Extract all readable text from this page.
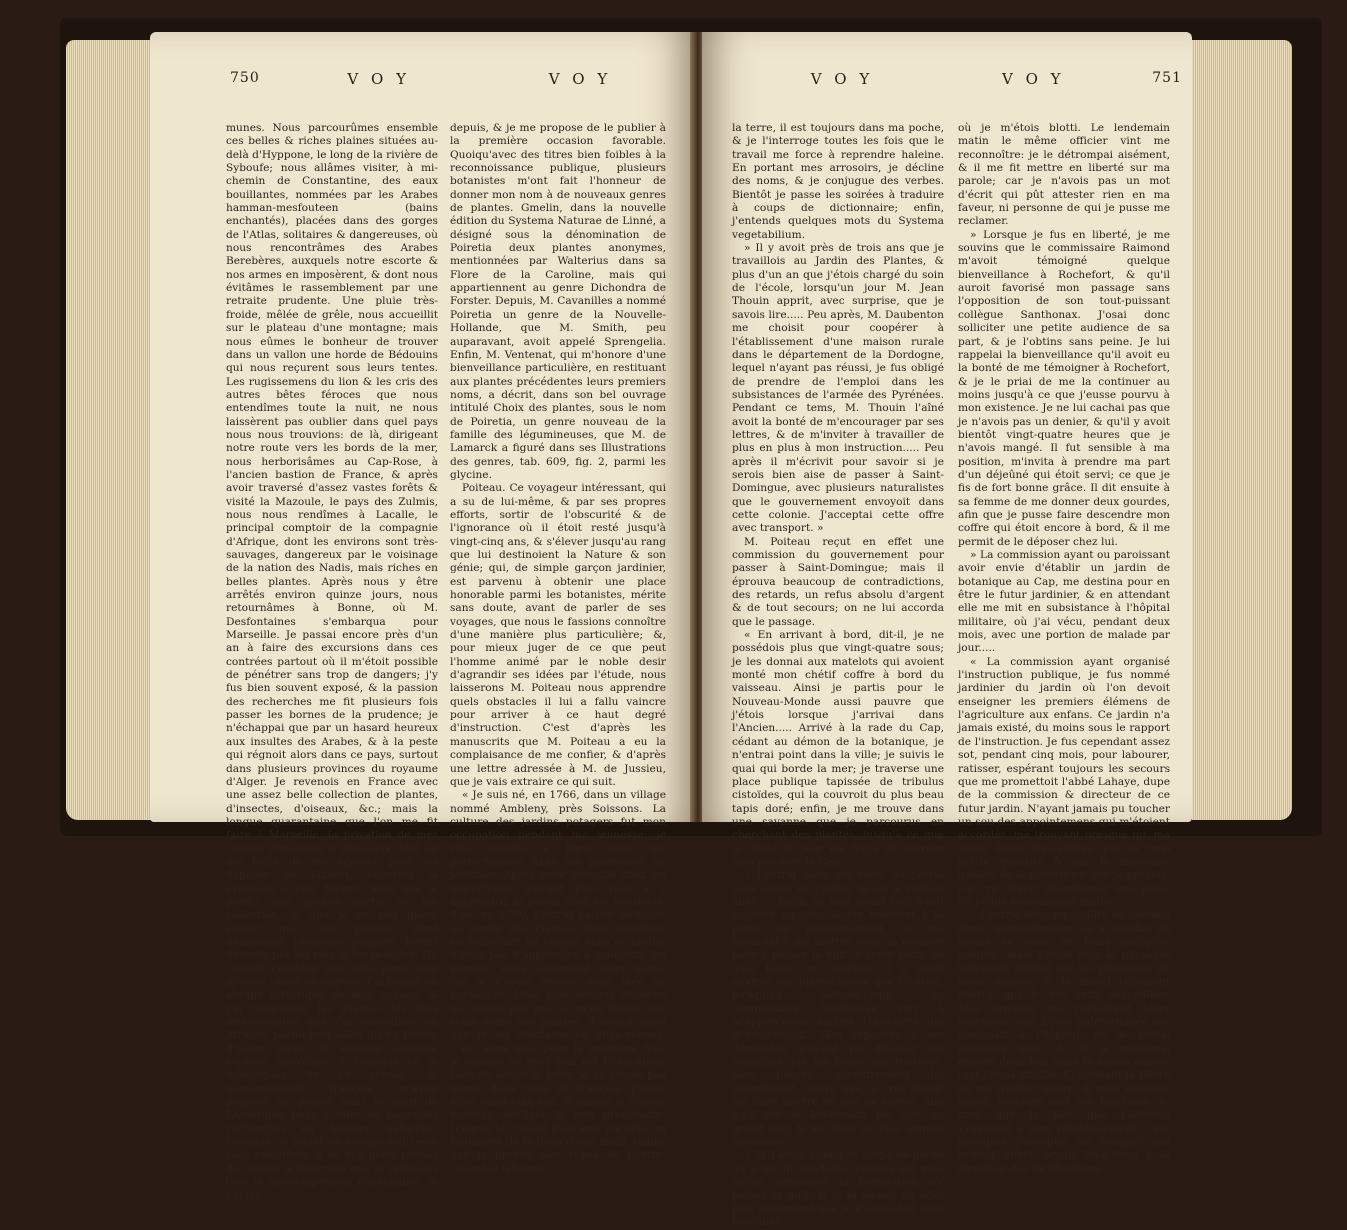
750	V O Y	V O Y

munes. Nous parcourûmes ensemble ces belles & riches plaines situées au-delà d'Hyppone, le long de la rivière de Syboufe; nous allâmes visiter, à mi-chemin de Constantine, des eaux bouillantes, nommées par les Arabes hamman-mesfouteen (bains enchantés), placées dans des gorges de l'Atlas, solitaires & dangereuses, où nous rencontrâmes des Arabes Berebères, auxquels notre escorte & nos armes en imposèrent, & dont nous évitâmes le rassemblement par une retraite prudente. Une pluie très-froide, mêlée de grêle, nous accueillit sur le plateau d'une montagne; mais nous eûmes le bonheur de trouver dans un vallon une horde de Bédouins qui nous reçurent sous leurs tentes. Les rugissemens du lion & les cris des autres bêtes féroces que nous entendîmes toute la nuit, ne nous laissèrent pas oublier dans quel pays nous nous trouvions: de là, dirigeant notre route vers les bords de la mer, nous herborisâmes au Cap-Rose, à l'ancien bastion de France, & après avoir traversé d'assez vastes forêts & visité la Mazoule, le pays des Zulmis, nous nous rendîmes à Lacalle, le principal comptoir de la compagnie d'Afrique, dont les environs sont très-sauvages, dangereux par le voisinage de la nation des Nadis, mais riches en belles plantes. Après nous y être arrêtés environ quinze jours, nous retournâmes à Bonne, où M. Desfontaines s'embarqua pour Marseille. Je passai encore près d'un an à faire des excursions dans ces contrées partout où il m'étoit possible de pénétrer sans trop de dangers; j'y fus bien souvent exposé, & la passion des recherches me fit plusieurs fois passer les bornes de la prudence; je n'échappai que par un hasard heureux aux insultes des Arabes, & à la peste qui régnoit alors dans ce pays, surtout dans plusieurs provinces du royaume d'Alger. Je revenois en France avec une assez belle collection de plantes, d'insectes, d'oiseaux, &c.; mais la longue quarantaine que l'on me fit faire à Marseille, la privation de mes caisses d'insectes & d'oiseaux dont on me força de me séparer pour les déposer au lazaret, ouvertes & exposées à l'air, furent cause que je perdis une grande partie de ma collection, & que je ne pus guère sauver que mes plantes, dont néanmoins plusieurs paquets furent dévorés par les rats & les insectes. On conçoit combien une telle perte doit m'avoir causé de regrets. J'ai publié un abrégé historique de mon voyage, & j'ai mentionné les plantes les plus intéressantes que j'ai recueillies en Afrique, parmi lesquelles il s'en trouve d'assez rares, & environ soixante espèces nouvelles. A l'époque où je m'occupois de ce travail, le gouvernement français m'avoit proposé de passer dans le nord de l'Amérique pour y faire de nouvelles recherches en histoire naturelle. Quoique ce projet de voyage soit resté sans exécution, il ne m'a point permis de donner à l'ouvrage que je rédigeois tout le développement convenable; je l'ai fait

depuis, & je me propose de le publier à la première occasion favorable. Quoiqu'avec des titres bien foibles à la reconnoissance publique, plusieurs botanistes m'ont fait l'honneur de donner mon nom à de nouveaux genres de plantes. Gmelin, dans la nouvelle édition du Systema Naturae de Linné, a désigné sous la dénomination de Poiretia deux plantes anonymes, mentionnées par Walterius dans sa Flore de la Caroline, mais qui appartiennent au genre Dichondra de Forster. Depuis, M. Cavanilles a nommé Poiretia un genre de la Nouvelle-Hollande, que M. Smith, peu auparavant, avoit appelé Sprengelia. Enfin, M. Ventenat, qui m'honore d'une bienveillance particulière, en restituant aux plantes précédentes leurs premiers noms, a décrit, dans son bel ouvrage intitulé Choix des plantes, sous le nom de Poiretia, un genre nouveau de la famille des légumineuses, que M. de Lamarck a figuré dans ses Illustrations des genres, tab. 609, fig. 2, parmi les glycine.

Poiteau. Ce voyageur intéressant, qui a su de lui-même, & par ses propres efforts, sortir de l'obscurité & de l'ignorance où il étoit resté jusqu'à vingt-cinq ans, & s'élever jusqu'au rang que lui destinoient la Nature & son génie; qui, de simple garçon jardinier, est parvenu à obtenir une place honorable parmi les botanistes, mérite sans doute, avant de parler de ses voyages, que nous le fassions connoître d'une manière plus particulière; &, pour mieux juger de ce que peut l'homme animé par le noble desir d'agrandir ses idées par l'étude, nous laisserons M. Poiteau nous apprendre quels obstacles il lui a fallu vaincre pour arriver à ce haut degré d'instruction. C'est d'après les manuscrits que M. Poiteau a eu la complaisance de me confier, & d'après une lettre adressée à M. de Jussieu, que je vais extraire ce qui suit.

« Je suis né, en 1766, dans un village nommé Ambleny, près Soissons. La culture des jardins potagers fut mon occupation pendant ma jeunesse; je vins ensuite à Paris pour me perfectionner dans ma profession de jardinier. Après avoir travaillé chez les maréchaux, n'ayant plus rien à y apprendre, je passai chez les fleuristes, d'où, en 1790, j'entrai garçon jardinier au Jardin des Plantes. Mon intention, en sollicitant un emploi dans ce jardin, n'étoit pas d'apprendre à connoître les plantes, mais seulement leurs noms; car je n'avois encore nulle idée de botanique. Mais mon naturel studieux ne voulut pas que je m'en tinsse aux seuls noms des plantes; il voulut aussi que je les étudiasse en elles-mêmes. C'est alors que, pour la première fois, je connus de quel prix est l'éducation. Loin de savoir le latin, je ne savois pas même deux mots de français. J'avois alors vingt-cinq ans, & jamais je n'avois entendu décliner le mot grammaire. D'après le conseil d'un ami, j'achète un Rudiment. Je le tiens d'une main, tandis que je prends mes repas de l'autre. Quand je laboure

V O Y	V O Y	751

la terre, il est toujours dans ma poche, & je l'interroge toutes les fois que le travail me force à reprendre haleine. En portant mes arrosoirs, je décline des noms, & je conjugue des verbes. Bientôt je passe les soirées à traduire à coups de dictionnaire; enfin, j'entends quelques mots du Systema vegetabilium.

» Il y avoit près de trois ans que je travaillois au Jardin des Plantes, & plus d'un an que j'étois chargé du soin de l'école, lorsqu'un jour M. Jean Thouin apprit, avec surprise, que je savois lire..... Peu après, M. Daubenton me choisit pour coopérer à l'établissement d'une maison rurale dans le département de la Dordogne, lequel n'ayant pas réussi, je fus obligé de prendre de l'emploi dans les subsistances de l'armée des Pyrénées. Pendant ce tems, M. Thouin l'aîné avoit la bonté de m'encourager par ses lettres, & de m'inviter à travailler de plus en plus à mon instruction..... Peu après il m'écrivit pour savoir si je serois bien aise de passer à Saint-Domingue, avec plusieurs naturalistes que le gouvernement envoyoit dans cette colonie. J'acceptai cette offre avec transport. »

M. Poiteau reçut en effet une commission du gouvernement pour passer à Saint-Domingue; mais il éprouva beaucoup de contradictions, des retards, un refus absolu d'argent & de tout secours; on ne lui accorda que le passage.

« En arrivant à bord, dit-il, je ne possédois plus que vingt-quatre sous; je les donnai aux matelots qui avoient monté mon chétif coffre à bord du vaisseau. Ainsi je partis pour le Nouveau-Monde aussi pauvre que j'étois lorsque j'arrivai dans l'Ancien..... Arrivé à la rade du Cap, cédant au démon de la botanique, je n'entrai point dans la ville; je suivis le quai qui borde la mer; je traverse une place publique tapissée de tribulus cistoïdes, qui la couvroit du plus beau tapis doré; enfin, je me trouve dans une savanne que je parcourus en cherchant des plantes, jusqu'à ce que la chute du jour me força de tourner mes pas vers le Cap.

» J'entrai dans ses rues, où j'errai sans savoir où j'allois, ni où je voulois aller..... Enfin, la nuit ayant tout-à-fait succédé au jour, & me trouvant à la porte du gouvernement, je me hasardai à me mettre sous un escalier pour y passer la nuit, n'ayant point de quoi louer un coucher. Il y avoit environ un quart-d'heure que j'y étois, lorsqu'un aide-de-camp du commissaire Santhonax vint à m'appercevoir malgré l'obscurité qui m'environnoit. Mes réponses à ses demandes n'ayant pu dissiper les soupçons que ma place, ma tristesse, mon pauvre accoutrement lui suggéroient contre moi, il crut devoir me faire mettre en lieu de sûreté, afin qu'il pût le lendemain me voir au grand jour, & me faire de plus amples questions.

» Si j'avois connu le corps-de-garde où il me fit conduire, j'aurois été moi-même demander la permission d'y passer la nuit, & je la passai en effet plus sainement que je n'eusse fait sous l'escalier

où je m'étois blotti. Le lendemain matin le même officier vint me reconnoître: je le détrompai aisément, & il me fit mettre en liberté sur ma parole; car je n'avois pas un mot d'écrit qui pût attester rien en ma faveur, ni personne de qui je pusse me reclamer.

» Lorsque je fus en liberté, je me souvins que le commissaire Raimond m'avoit témoigné quelque bienveillance à Rochefort, & qu'il auroit favorisé mon passage sans l'opposition de son tout-puissant collègue Santhonax. J'osai donc solliciter une petite audience de sa part, & je l'obtins sans peine. Je lui rappelai la bienveillance qu'il avoit eu la bonté de me témoigner à Rochefort, & je le priai de me la continuer au moins jusqu'à ce que j'eusse pourvu à mon existence. Je ne lui cachai pas que je n'avois pas un denier, & qu'il y avoit bientôt vingt-quatre heures que je n'avois mangé. Il fut sensible à ma position, m'invita à prendre ma part d'un déjeûné qui étoit servi; ce que je fis de fort bonne grâce. Il dit ensuite à sa femme de me donner deux gourdes, afin que je pusse faire descendre mon coffre qui étoit encore à bord, & il me permit de le déposer chez lui.

» La commission ayant ou paroissant avoir envie d'établir un jardin de botanique au Cap, me destina pour en être le futur jardinier, & en attendant elle me mit en subsistance à l'hôpital militaire, où j'ai vécu, pendant deux mois, avec une portion de malade par jour.....

« La commission ayant organisé l'instruction publique, je fus nommé jardinier du jardin où l'on devoit enseigner les premiers élémens de l'agriculture aux enfans. Ce jardin n'a jamais existé, du moins sous le rapport de l'instruction. Je fus cependant assez sot, pendant cinq mois, pour labourer, ratisser, espérant toujours les secours que me promettoit l'abbé Lahaye, dupe de la commission & directeur de ce futur jardin. N'ayant jamais pu toucher un sou des appointemens qui m'étoient accordés, me trouvant presque nu, ma santé étant très-altérée par la trop petite quantité & par la mauvaise qualité de la nourriture que je prenois, j'ai cru devoir abandonner une place où j'étois évidemment inutile.

» J'entrai donc en qualité de commis dans l'administration, où je touchai du moins de tems en tems quelqu'à-compte; mais j'avois déjà le physique tellement affoibli par les privations de toute espèce, & le moral tellement abattu, que je dus enfin succomber. Mes organes me refusèrent leurs fonctions; une fièvre indéterminée me conduisit à l'hôpital, où je restai plusieurs mois, & où je retournai encore deux fois dans la même année, tant j'étois affoibli. Cependant la fièvre ne me quittoit guère, & mon estomac faisoit toujours mal ses fonctions. Je crus que le lieu que j'habitois s'opposoit à mon rétablissement; c'est pourquoi j'acceptai de l'emploi qui m'étoit offert depuis long-tems à la direction des fortifications.
